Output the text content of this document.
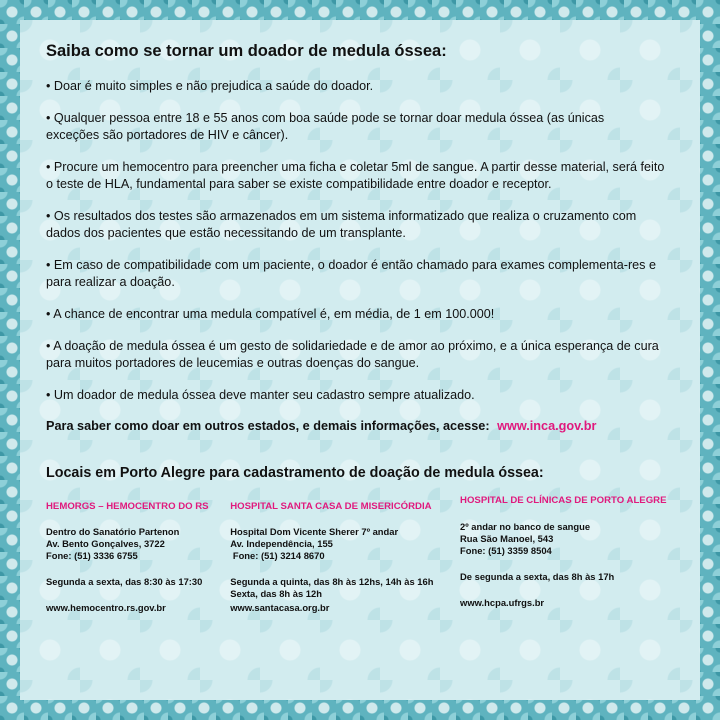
Saiba como se tornar um doador de medula óssea:

• Doar é muito simples e não prejudica a saúde do doador.

• Qualquer pessoa entre 18 e 55 anos com boa saúde pode se tornar doar medula óssea (as únicas exceções são portadores de HIV e câncer).

• Procure um hemocentro para preencher uma ficha e coletar 5ml de sangue. A partir desse material, será feito o teste de HLA, fundamental para saber se existe compatibilidade entre doador e receptor.

• Os resultados dos testes são armazenados em um sistema informatizado que realiza o cruzamento com dados dos pacientes que estão necessitando de um transplante.

• Em caso de compatibilidade com um paciente, o doador é então chamado para exames complementa-res e para realizar a doação.

• A chance de encontrar uma medula compatível é, em média, de 1 em 100.000!

• A doação de medula óssea é um gesto de solidariedade e de amor ao próximo, e a única esperança de cura para muitos portadores de leucemias e outras doenças do sangue.

• Um doador de medula óssea deve manter seu cadastro sempre atualizado.

Para saber como doar em outros estados, e demais informações, acesse: www.inca.gov.br

Locais em Porto Alegre para cadastramento de doação de medula óssea:
HEMORGS – HEMOCENTRO DO RS
Dentro do Sanatório Partenon
Av. Bento Gonçalves, 3722
Fone: (51) 3336 6755
Segunda a sexta, das 8:30 às 17:30
www.hemocentro.rs.gov.br
HOSPITAL SANTA CASA DE MISERICÓRDIA
Hospital Dom Vicente Sherer 7º andar
Av. Independência, 155
Fone: (51) 3214 8670
Segunda a quinta, das 8h às 12hs, 14h às 16h
Sexta, das 8h às 12h
www.santacasa.org.br
HOSPITAL DE CLÍNICAS DE PORTO ALEGRE
2º andar no banco de sangue
Rua São Manoel, 543
Fone: (51) 3359 8504
De segunda a sexta, das 8h às 17h
www.hcpa.ufrgs.br
